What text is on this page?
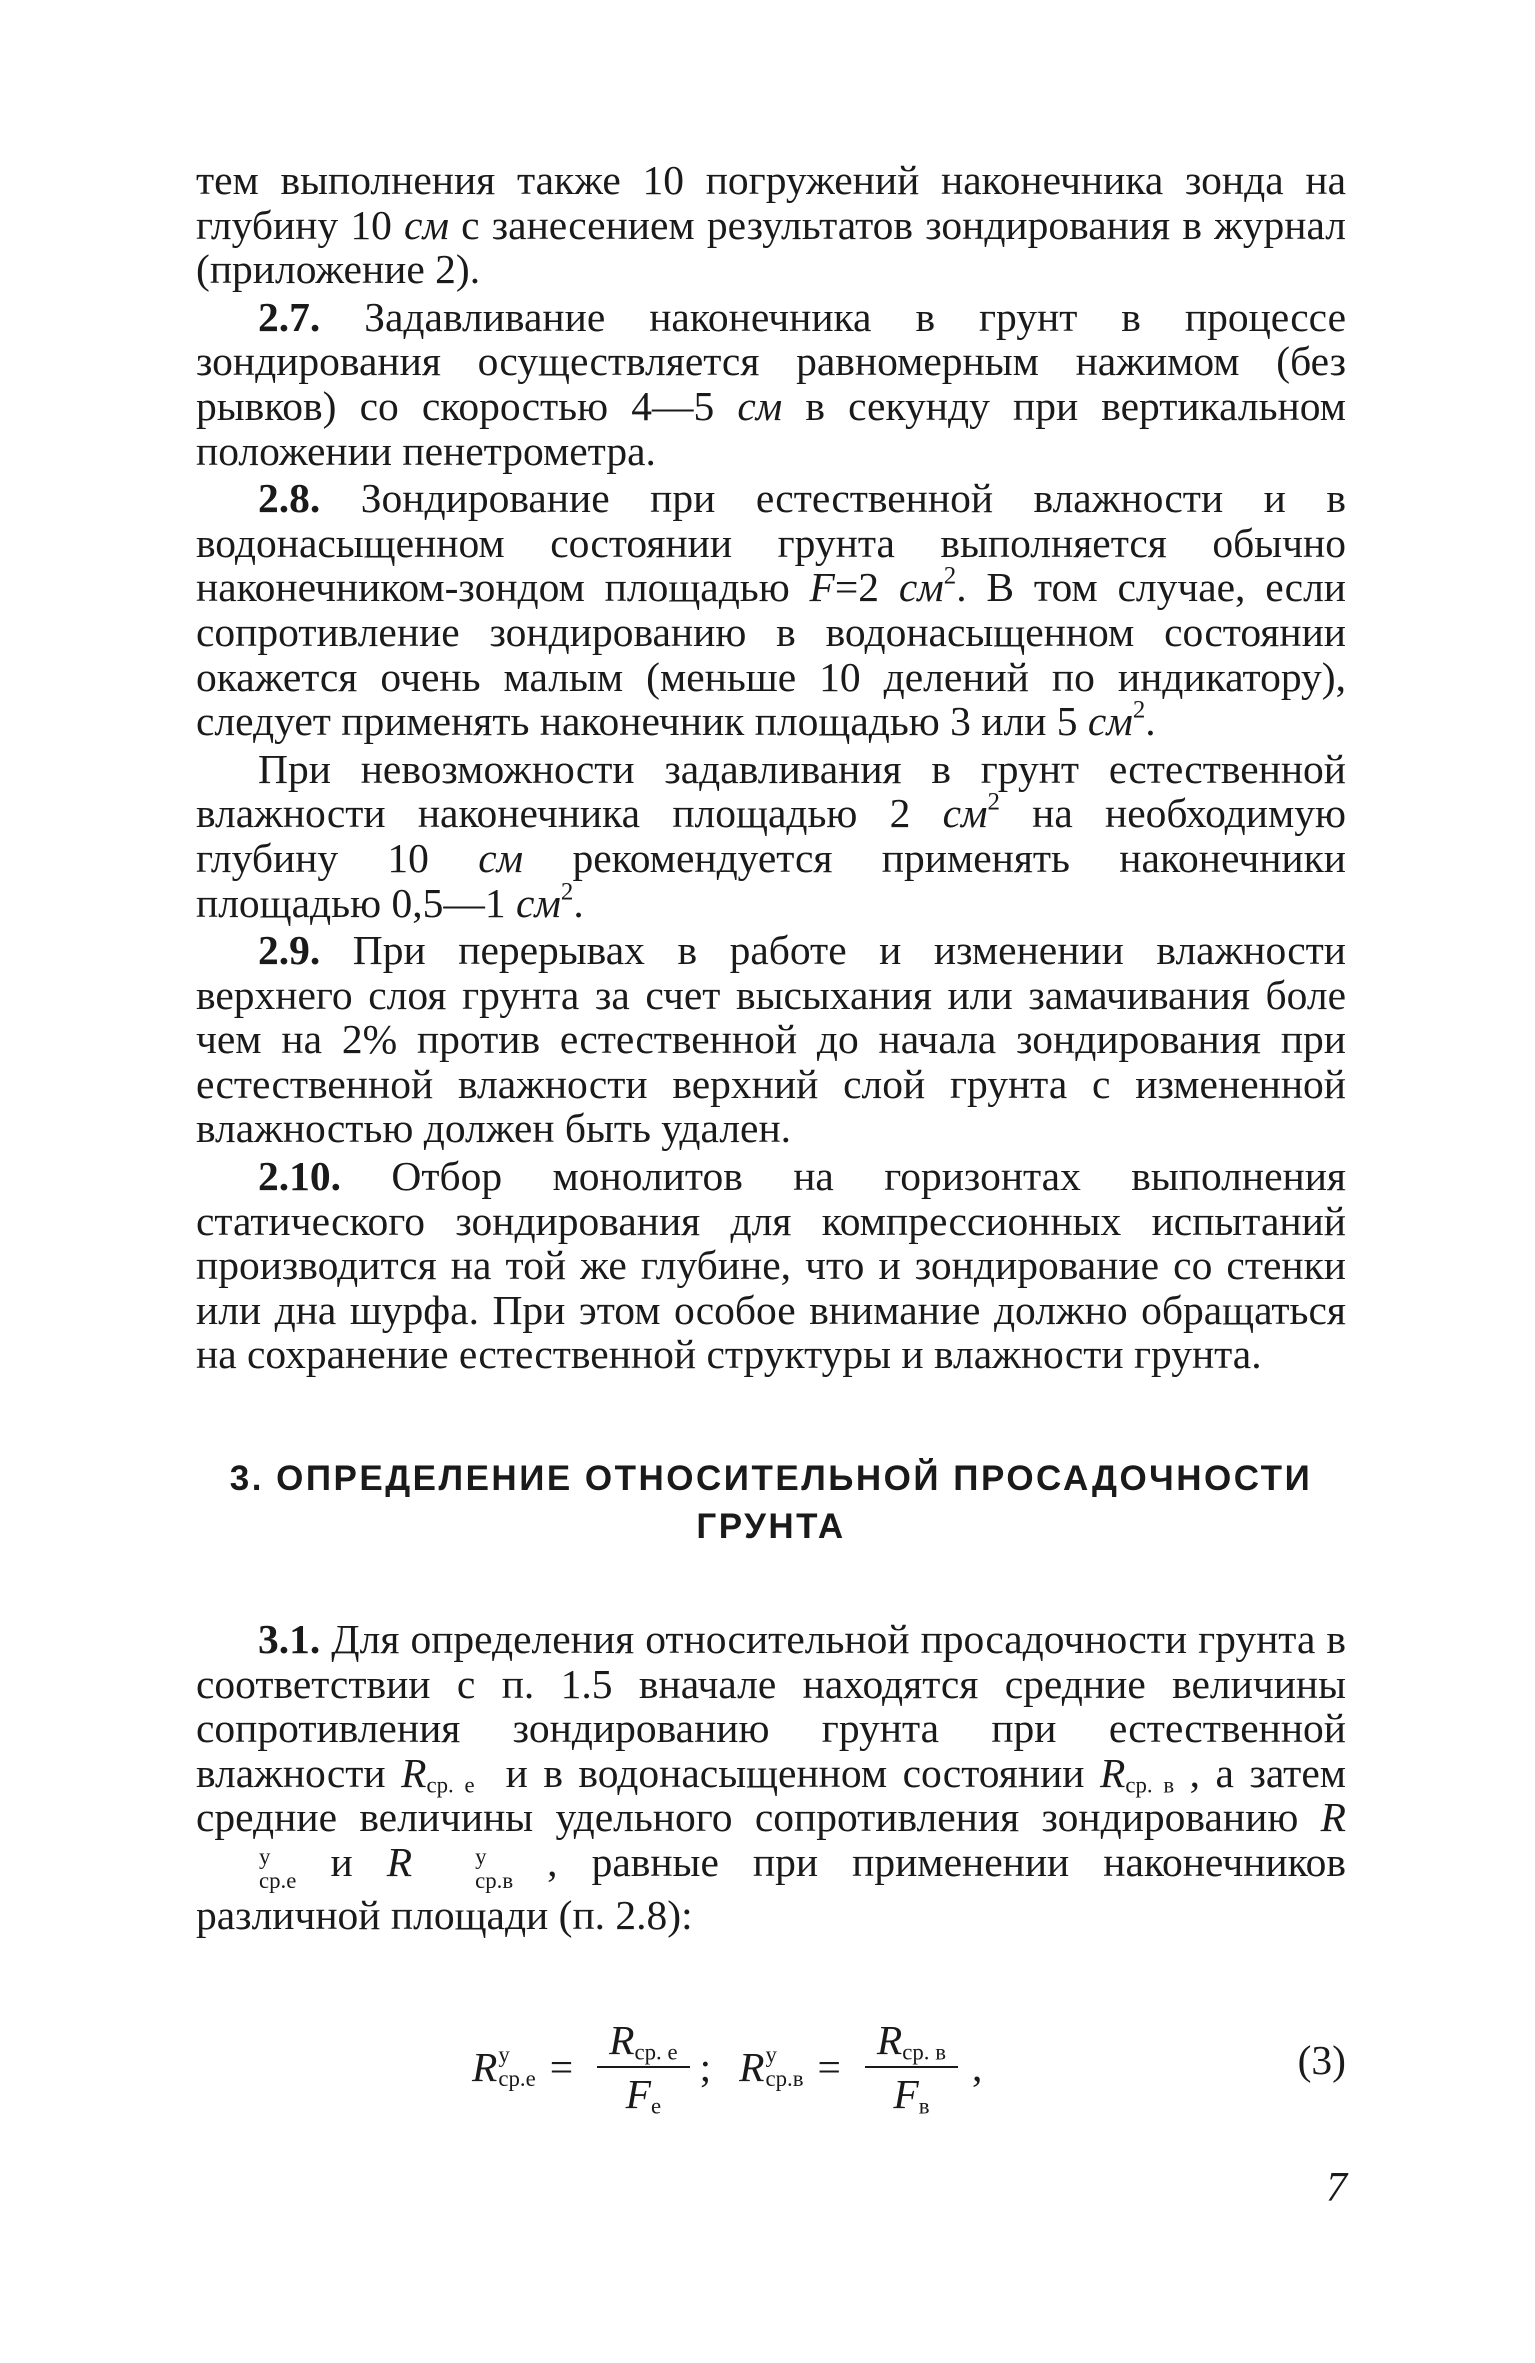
тем выполнения также 10 погружений наконечника зонда на глубину 10 см с занесением результатов зондирования в журнал (приложение 2).

2.7. Задавливание наконечника в грунт в процессе зондирования осуществляется равномерным нажимом (без рывков) со скоростью 4—5 см в секунду при вертикальном положении пенетрометра.

2.8. Зондирование при естественной влажности и в водонасыщенном состоянии грунта выполняется обычно наконечником-зондом площадью F=2 $см^2$. В том случае, если сопротивление зондированию в водонасыщенном состоянии окажется очень малым (меньше 10 делений по индикатору), следует применять наконечник площадью 3 или 5 $см^2$.

При невозможности задавливания в грунт естественной влажности наконечника площадью 2 $см^2$ на необходимую глубину 10 см рекомендуется применять наконечники площадью 0,5—1 $см^2$.

2.9. При перерывах в работе и изменении влажности верхнего слоя грунта за счет высыхания или замачивания боле чем на 2% против естественной до начала зондирования при естественной влажности верхний слой грунта с измененной влажностью должен быть удален.

2.10. Отбор монолитов на горизонтах выполнения статического зондирования для компрессионных испытаний производится на той же глубине, что и зондирование со стенки или дна шурфа. При этом особое внимание должно обращаться на сохранение естественной структуры и влажности грунта.

3. ОПРЕДЕЛЕНИЕ ОТНОСИТЕЛЬНОЙ ПРОСАДОЧНОСТИ
ГРУНТА

3.1. Для определения относительной просадочности грунта в соответствии с п. 1.5 вначале находятся средние величины сопротивления зондированию грунта при естественной влажности $R_{ср. е}$ и в водонасыщенном состоянии $R_{ср. в}$ , а затем средние величины удельного сопротивления зондированию R
у
ср.е и R	у
ср.в , равные при применении наконечников различной площади (п. 2.8):

R у
$ср.е = \frac{R_{ср. е}}{F_е}$ ; R у
$ср.в = \frac{R_{ср. в}}{F_в}$ ,	(3)
7
